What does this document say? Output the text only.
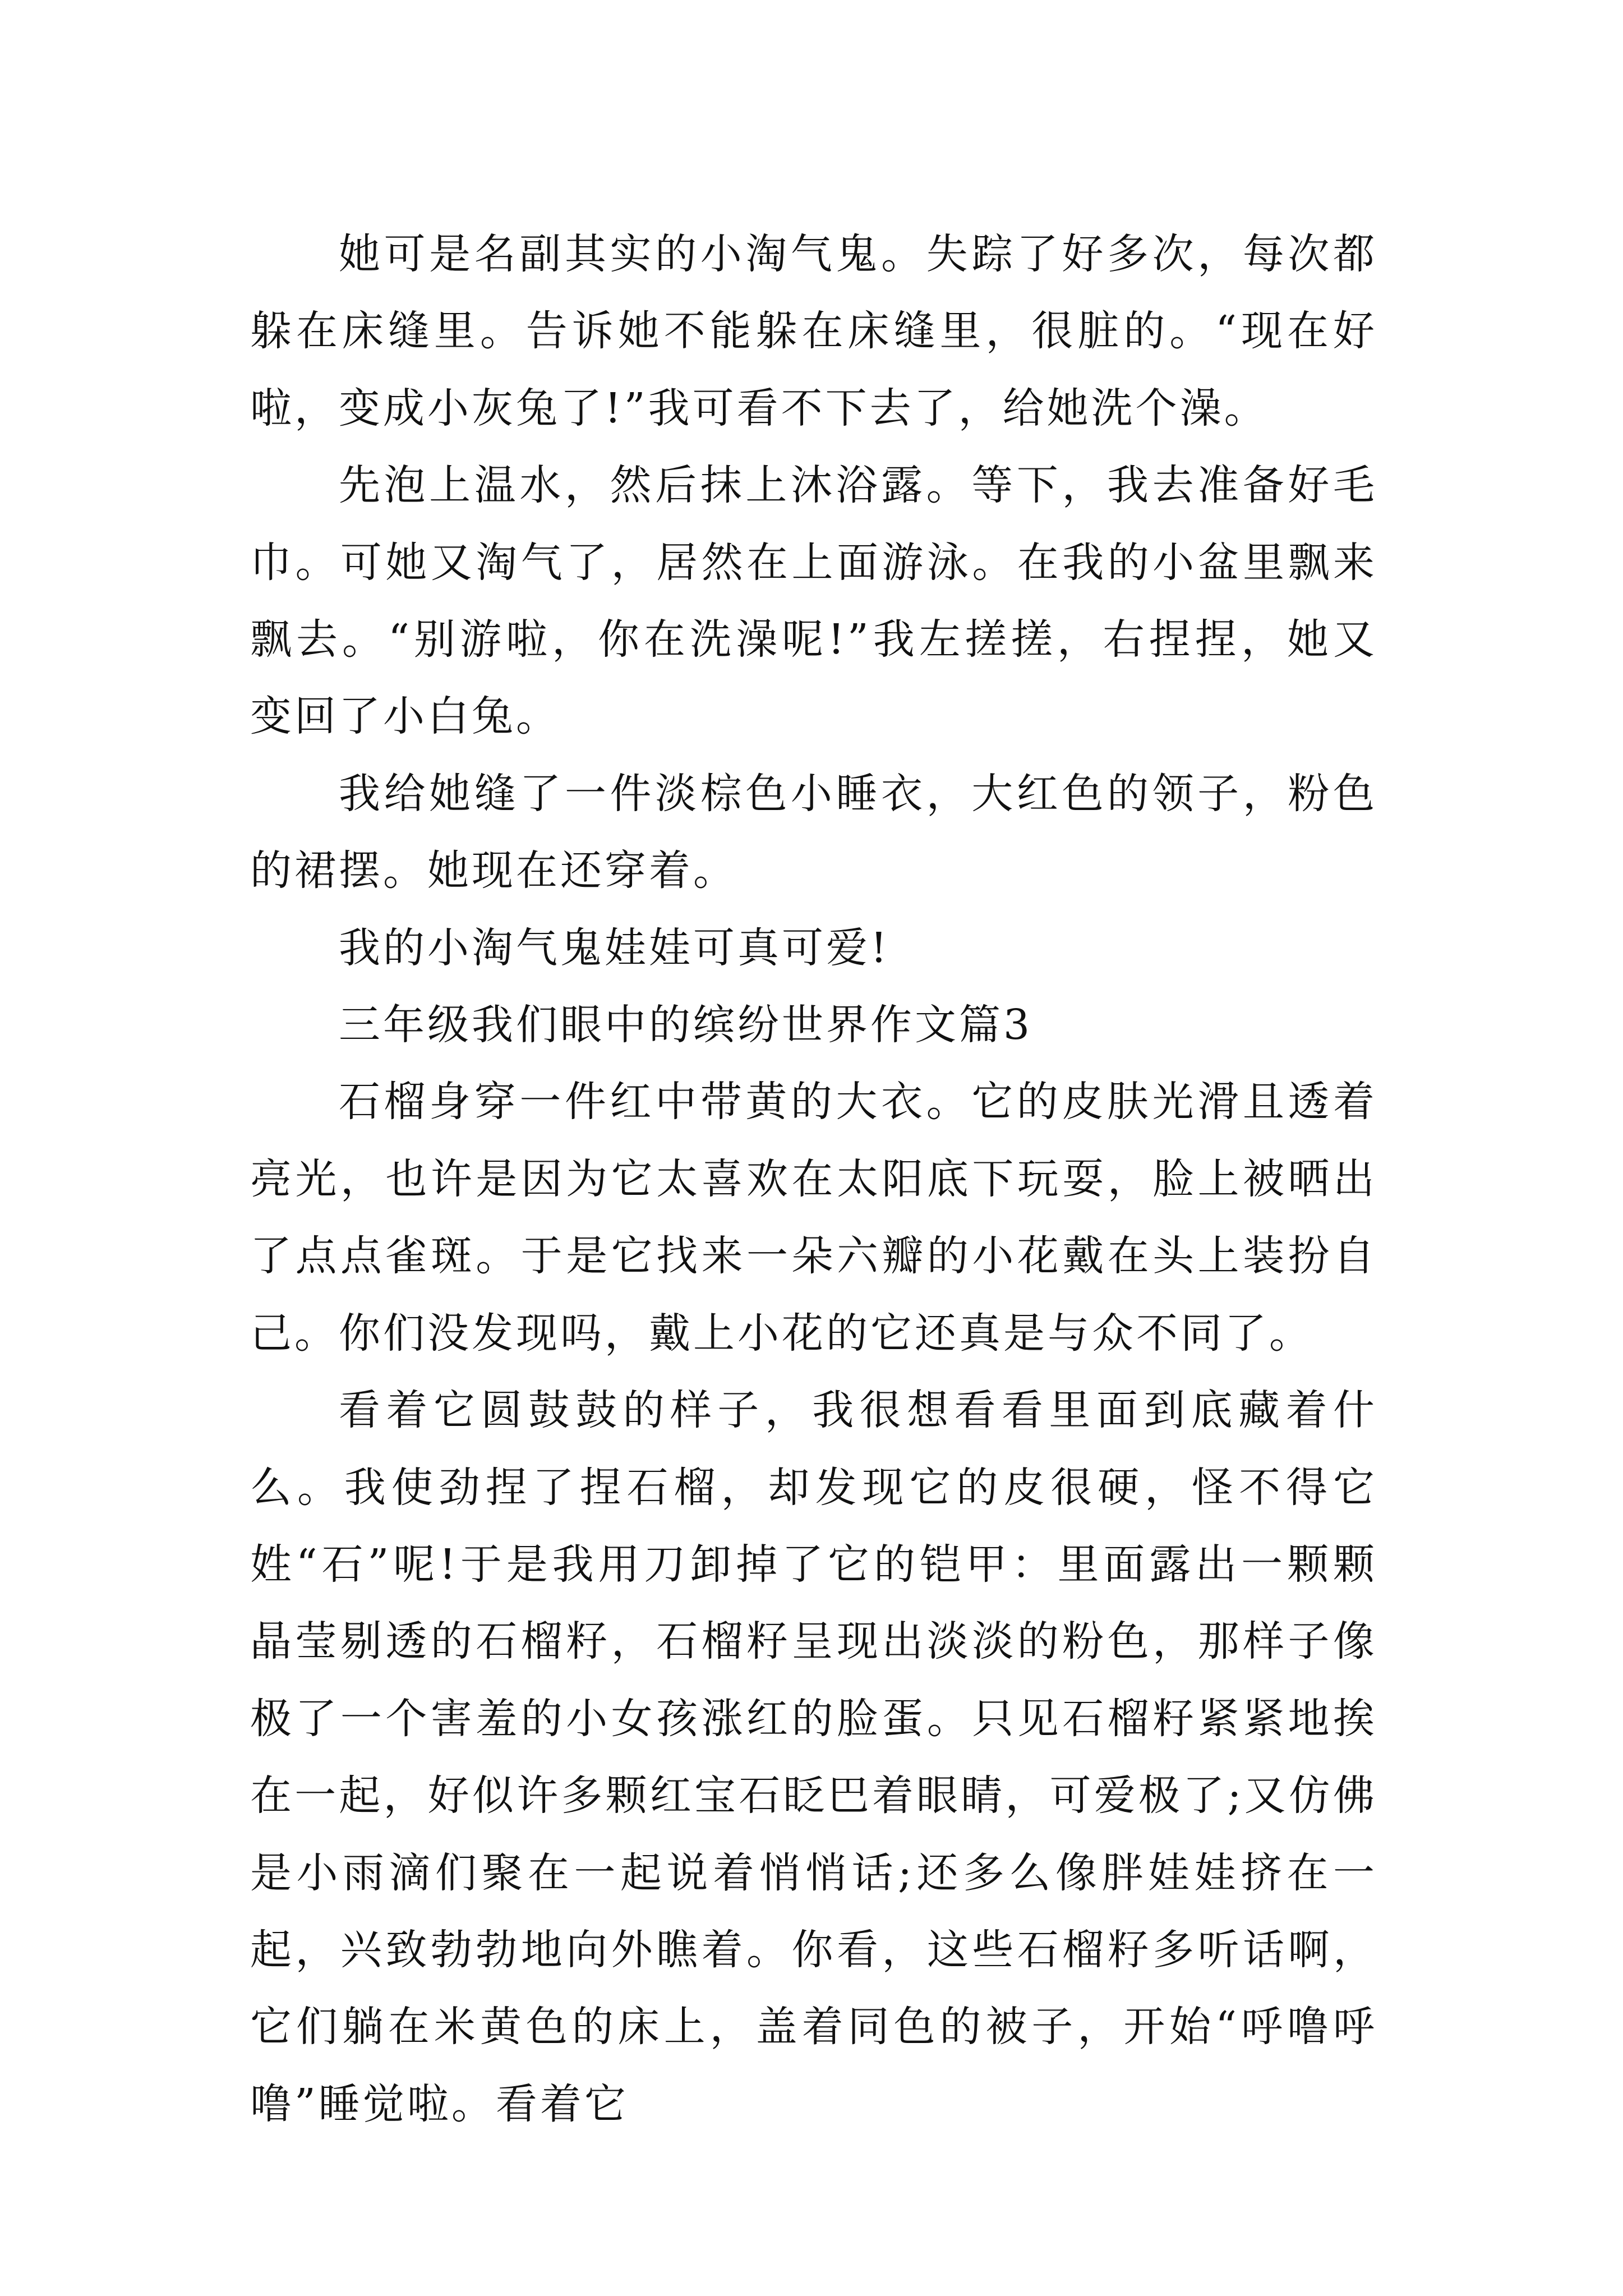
她可是名副其实的小淘气鬼。失踪了好多次，每次都躲在床缝里。告诉她不能躲在床缝里，很脏的。“现在好啦，变成小灰兔了!”我可看不下去了，给她洗个澡。

先泡上温水，然后抹上沐浴露。等下，我去准备好毛巾。可她又淘气了，居然在上面游泳。在我的小盆里飘来飘去。“别游啦，你在洗澡呢!”我左搓搓，右捏捏，她又变回了小白兔。

我给她缝了一件淡棕色小睡衣，大红色的领子，粉色的裙摆。她现在还穿着。

我的小淘气鬼娃娃可真可爱!

三年级我们眼中的缤纷世界作文篇3

石榴身穿一件红中带黄的大衣。它的皮肤光滑且透着亮光，也许是因为它太喜欢在太阳底下玩耍，脸上被晒出了点点雀斑。于是它找来一朵六瓣的小花戴在头上装扮自己。你们没发现吗，戴上小花的它还真是与众不同了。

看着它圆鼓鼓的样子，我很想看看里面到底藏着什么。我使劲捏了捏石榴，却发现它的皮很硬，怪不得它姓“石”呢!于是我用刀卸掉了它的铠甲：里面露出一颗颗晶莹剔透的石榴籽，石榴籽呈现出淡淡的粉色，那样子像极了一个害羞的小女孩涨红的脸蛋。只见石榴籽紧紧地挨在一起，好似许多颗红宝石眨巴着眼睛，可爱极了;又仿佛是小雨滴们聚在一起说着悄悄话;还多么像胖娃娃挤在一起，兴致勃勃地向外瞧着。你看，这些石榴籽多听话啊，它们躺在米黄色的床上，盖着同色的被子，开始“呼噜呼噜”睡觉啦。看着它
